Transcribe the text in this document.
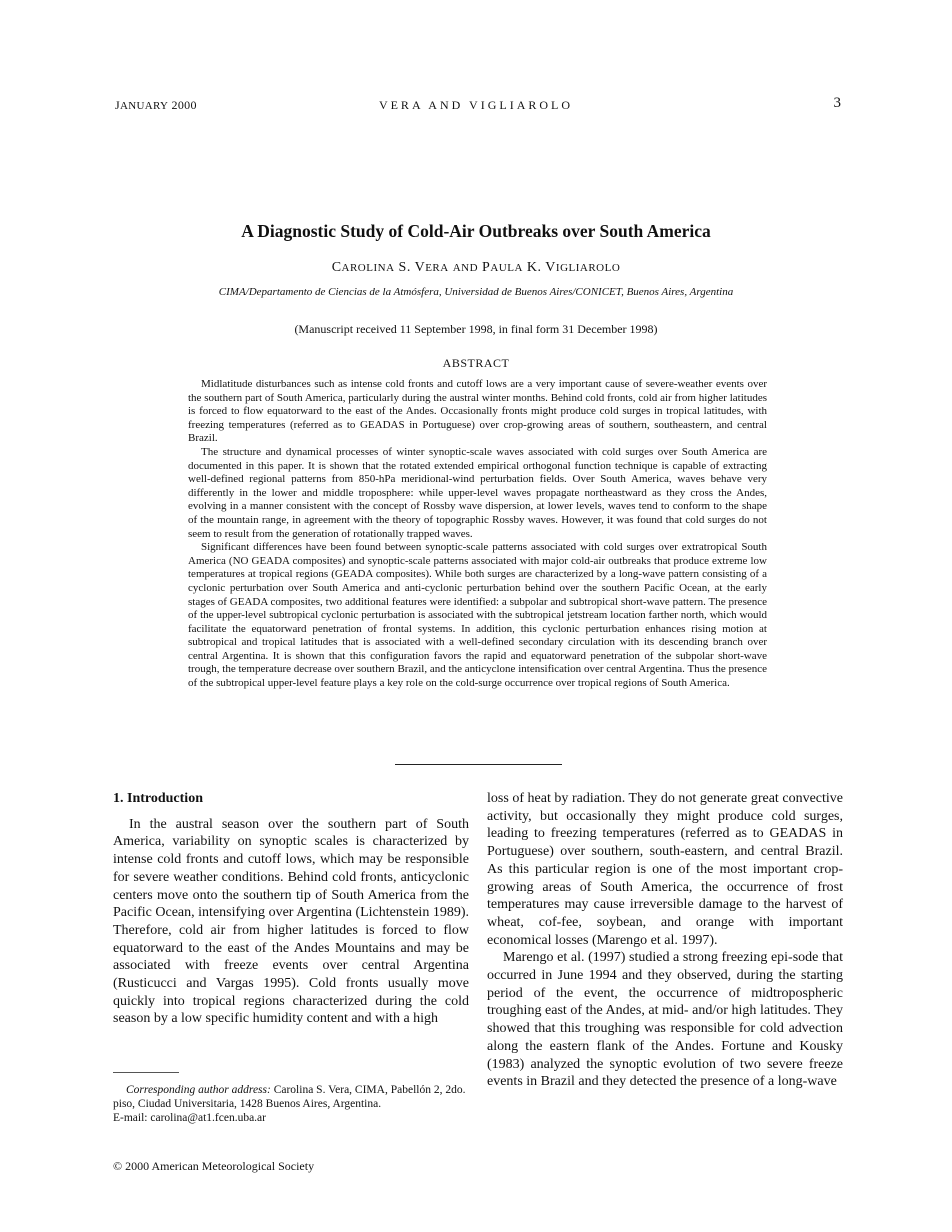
JANUARY 2000	VERA AND VIGLIAROLO	3
A Diagnostic Study of Cold-Air Outbreaks over South America
CAROLINA S. VERA AND PAULA K. VIGLIAROLO
CIMA/Departamento de Ciencias de la Atmósfera, Universidad de Buenos Aires/CONICET, Buenos Aires, Argentina
(Manuscript received 11 September 1998, in final form 31 December 1998)
ABSTRACT

Midlatitude disturbances such as intense cold fronts and cutoff lows are a very important cause of severe-weather events over the southern part of South America, particularly during the austral winter months. Behind cold fronts, cold air from higher latitudes is forced to flow equatorward to the east of the Andes. Occasionally fronts might produce cold surges in tropical latitudes, with freezing temperatures (referred as to GEADAS in Portuguese) over crop-growing areas of southern, southeastern, and central Brazil.

The structure and dynamical processes of winter synoptic-scale waves associated with cold surges over South America are documented in this paper. It is shown that the rotated extended empirical orthogonal function technique is capable of extracting well-defined regional patterns from 850-hPa meridional-wind perturbation fields. Over South America, waves behave very differently in the lower and middle troposphere: while upper-level waves propagate northeastward as they cross the Andes, evolving in a manner consistent with the concept of Rossby wave dispersion, at lower levels, waves tend to conform to the shape of the mountain range, in agreement with the theory of topographic Rossby waves. However, it was found that cold surges do not seem to result from the generation of rotationally trapped waves.

Significant differences have been found between synoptic-scale patterns associated with cold surges over extratropical South America (NO GEADA composites) and synoptic-scale patterns associated with major cold-air outbreaks that produce extreme low temperatures at tropical regions (GEADA composites). While both surges are characterized by a long-wave pattern consisting of a cyclonic perturbation over South America and anti-cyclonic perturbation behind over the southern Pacific Ocean, at the early stages of GEADA composites, two additional features were identified: a subpolar and subtropical short-wave pattern. The presence of the upper-level subtropical cyclonic perturbation is associated with the subtropical jetstream location farther north, which would facilitate the equatorward penetration of frontal systems. In addition, this cyclonic perturbation enhances rising motion at subtropical and tropical latitudes that is associated with a well-defined secondary circulation with its descending branch over central Argentina. It is shown that this configuration favors the rapid and equatorward penetration of the subpolar short-wave trough, the temperature decrease over southern Brazil, and the anticyclone intensification over central Argentina. Thus the presence of the subtropical upper-level feature plays a key role on the cold-surge occurrence over tropical regions of South America.

1. Introduction

In the austral season over the southern part of South America, variability on synoptic scales is characterized by intense cold fronts and cutoff lows, which may be responsible for severe weather conditions. Behind cold fronts, anticyclonic centers move onto the southern tip of South America from the Pacific Ocean, intensifying over Argentina (Lichtenstein 1989). Therefore, cold air from higher latitudes is forced to flow equatorward to the east of the Andes Mountains and may be associated with freeze events over central Argentina (Rusticucci and Vargas 1995). Cold fronts usually move quickly into tropical regions characterized during the cold season by a low specific humidity content and with a high

loss of heat by radiation. They do not generate great convective activity, but occasionally they might produce cold surges, leading to freezing temperatures (referred as to GEADAS in Portuguese) over southern, south-eastern, and central Brazil. As this particular region is one of the most important crop-growing areas of South America, the occurrence of frost temperatures may cause irreversible damage to the harvest of wheat, cof-fee, soybean, and orange with important economical losses (Marengo et al. 1997).

Marengo et al. (1997) studied a strong freezing epi-sode that occurred in June 1994 and they observed, during the starting period of the event, the occurrence of midtropospheric troughing east of the Andes, at mid- and/or high latitudes. They showed that this troughing was responsible for cold advection along the eastern flank of the Andes. Fortune and Kousky (1983) analyzed the synoptic evolution of two severe freeze events in Brazil and they detected the presence of a long-wave

Corresponding author address: Carolina S. Vera, CIMA, Pabellón 2, 2do. piso, Ciudad Universitaria, 1428 Buenos Aires, Argentina.

E-mail: carolina@at1.fcen.uba.ar
© 2000 American Meteorological Society
